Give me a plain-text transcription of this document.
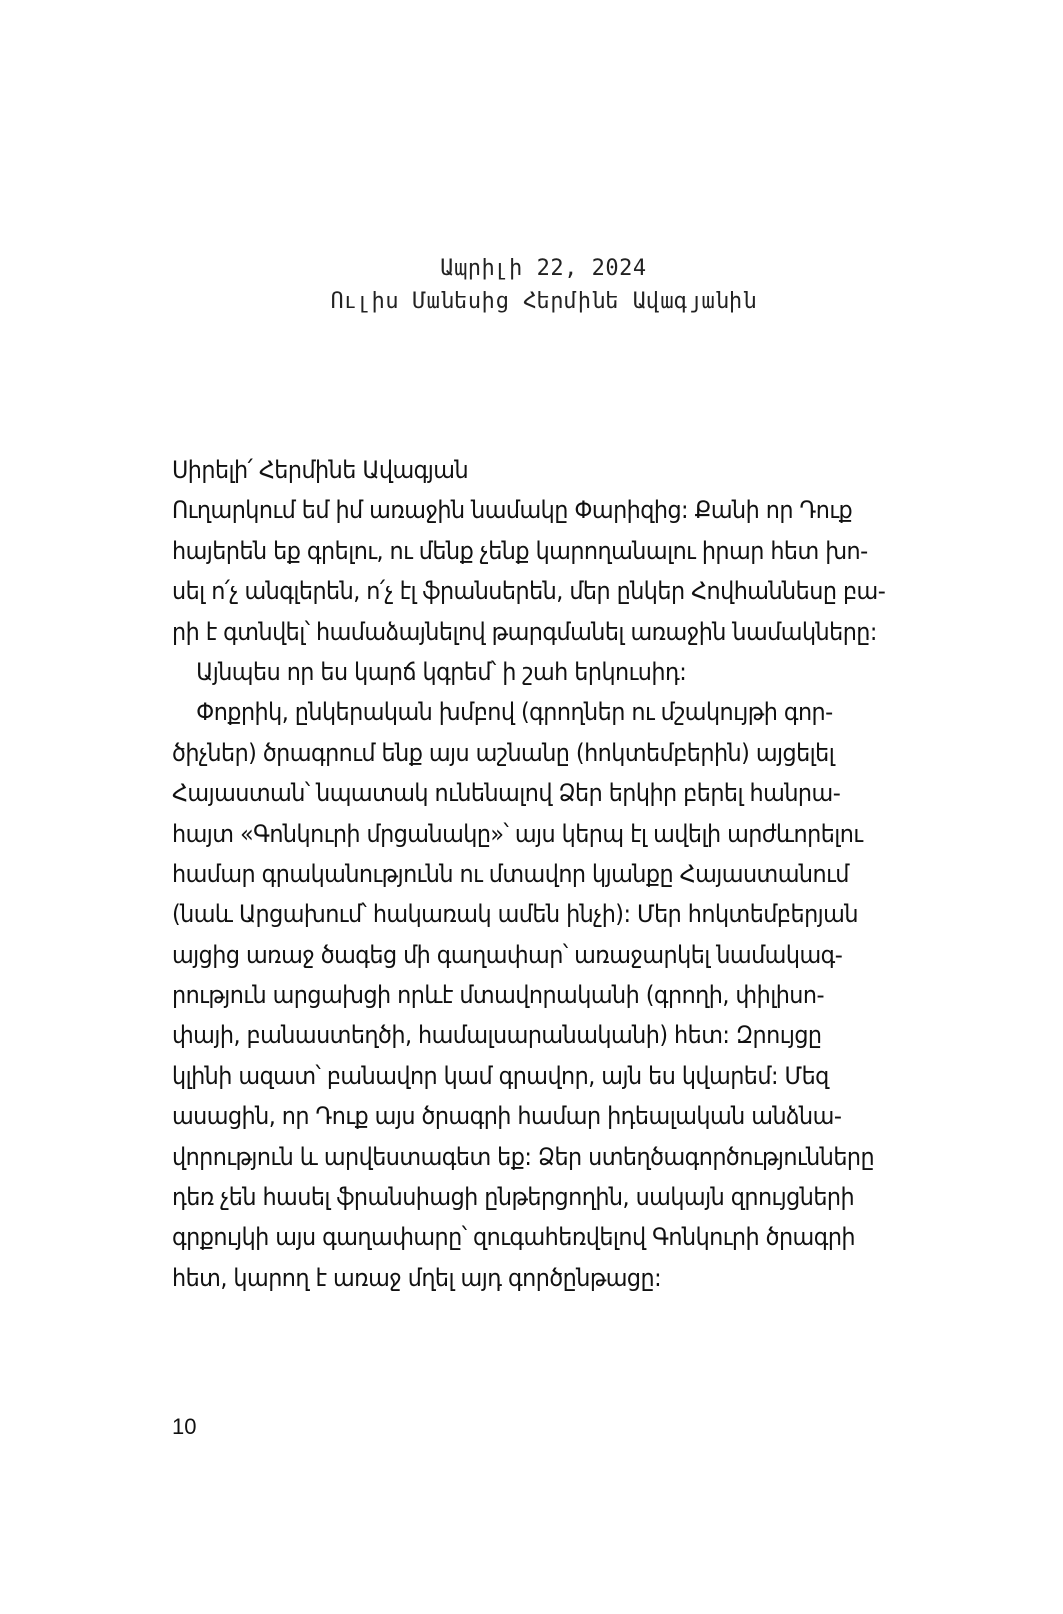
Ապրիլի 22, 2024
Ուլիս Մանեսից Հերմինե Ավագյանին
Սիրելի՛ Հերմինե Ավագյան
Ուղարկում եմ իմ առաջին նամակը Փարիզից: Քանի որ Դուք
հայերեն եք գրելու, ու մենք չենք կարողանալու իրար հետ խո-
սել ո՛չ անգլերեն, ո՛չ էլ ֆրանսերեն, մեր ընկեր Հովհաննեսը բա-
րի է գտնվել՝ համաձայնելով թարգմանել առաջին նամակները:
Այնպես որ ես կարճ կգրեմ՝ ի շահ երկուսիդ:
Փոքրիկ, ընկերական խմբով (գրողներ ու մշակույթի գոր-
ծիչներ) ծրագրում ենք այս աշնանը (հոկտեմբերին) այցելել
Հայաստան՝ նպատակ ունենալով Ձեր երկիր բերել հանրա-
հայտ «Գոնկուրի մրցանակը»՝ այս կերպ էլ ավելի արժևորելու
համար գրականությունն ու մտավոր կյանքը Հայաստանում
(նաև Արցախում՝ հակառակ ամեն ինչի): Մեր հոկտեմբերյան
այցից առաջ ծագեց մի գաղափար՝ առաջարկել նամակագ-
րություն արցախցի որևէ մտավորականի (գրողի, փիլիսո-
փայի, բանաստեղծի, համալսարանականի) հետ: Զրույցը
կլինի ազատ՝ բանավոր կամ գրավոր, այն ես կվարեմ: Մեզ
ասացին, որ Դուք այս ծրագրի համար իդեալական անձնա-
վորություն և արվեստագետ եք: Ձեր ստեղծագործությունները
դեռ չեն հասել ֆրանսիացի ընթերցողին, սակայն զրույցների
գրքույկի այս գաղափարը՝ զուգահեռվելով Գոնկուրի ծրագրի
հետ, կարող է առաջ մղել այդ գործընթացը:
10
